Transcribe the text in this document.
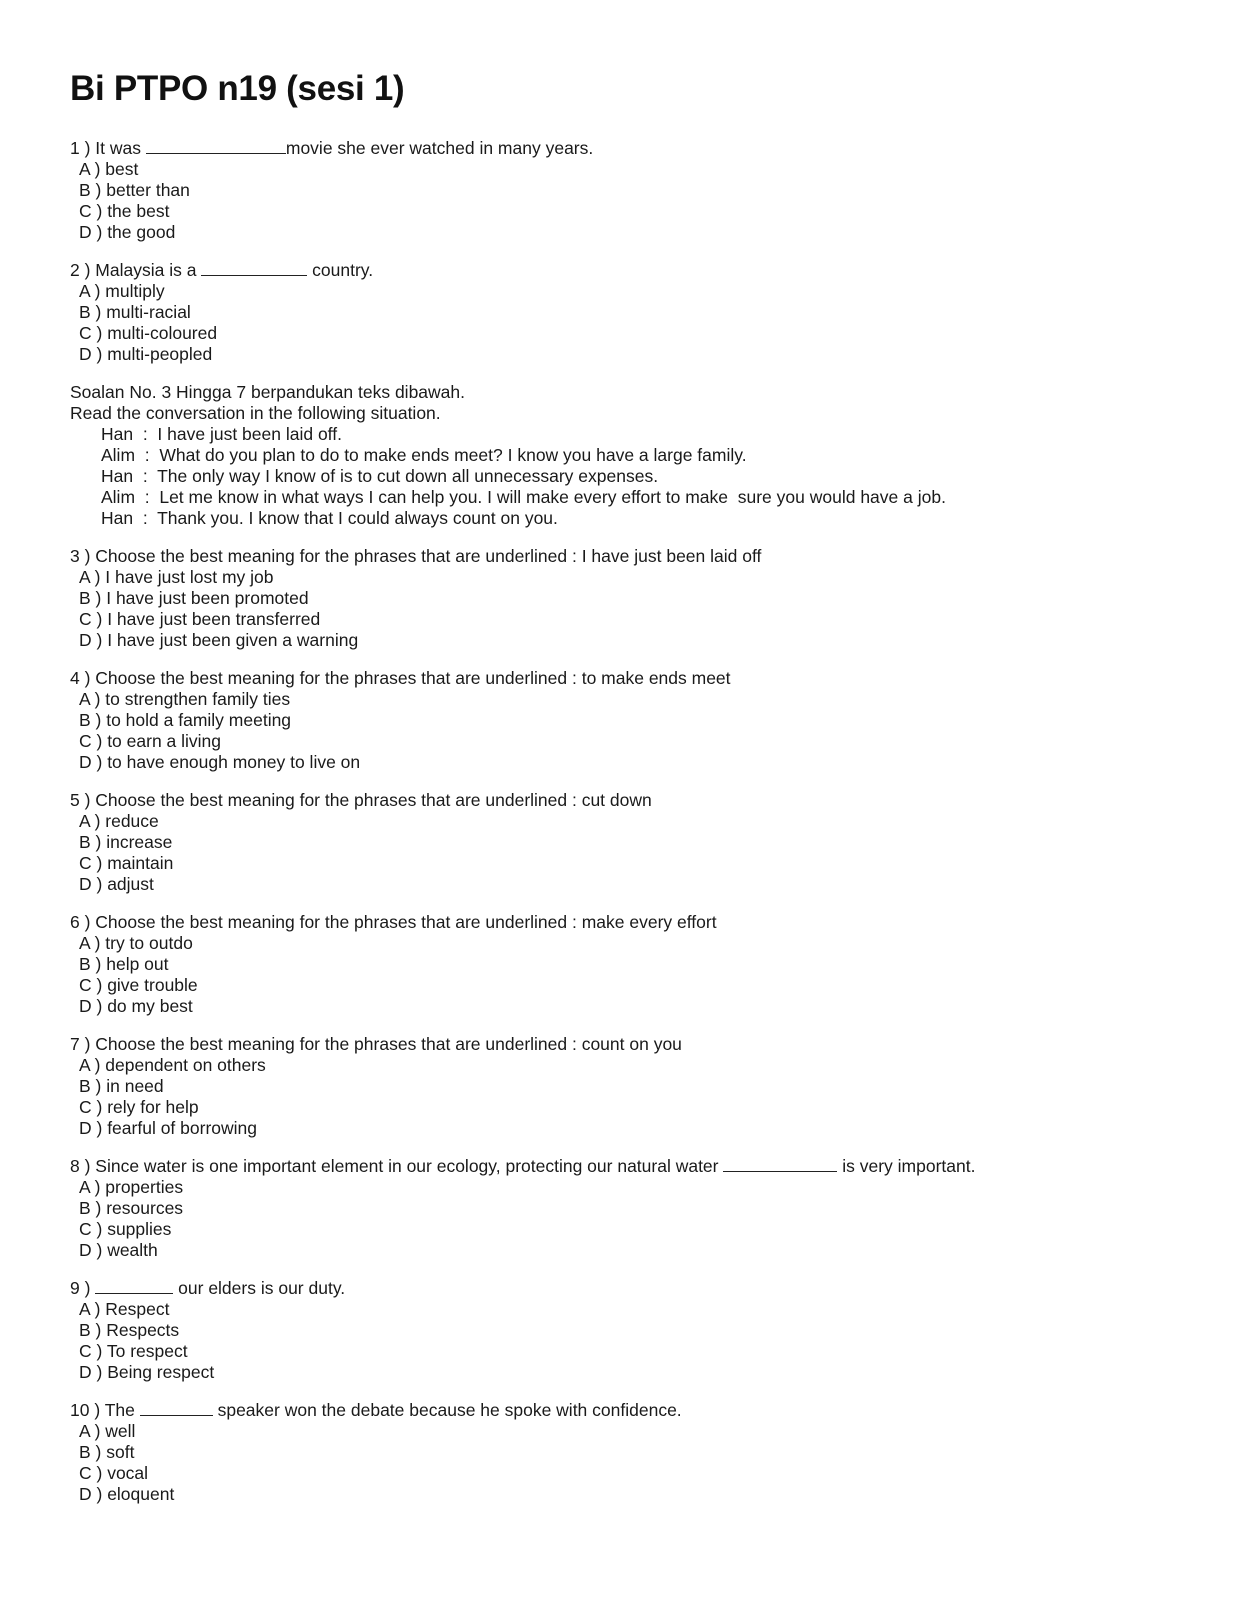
Bi PTPO n19 (sesi 1)
1 ) It was	movie she ever watched in many years.
A ) best
B ) better than
C ) the best
D ) the good
2 ) Malaysia is a	country.
A ) multiply
B ) multi-racial
C ) multi-coloured
D ) multi-peopled
Soalan No. 3 Hingga 7 berpandukan teks dibawah.
Read the conversation in the following situation.
Han  :  I have just been laid off.
Alim  :  What do you plan to do to make ends meet? I know you have a large family.
Han  :  The only way I know of is to cut down all unnecessary expenses.
Alim  :  Let me know in what ways I can help you. I will make every effort to make  sure you would have a job.
Han  :  Thank you. I know that I could always count on you.
3 ) Choose the best meaning for the phrases that are underlined : I have just been laid off
A ) I have just lost my job
B ) I have just been promoted
C ) I have just been transferred
D ) I have just been given a warning
4 ) Choose the best meaning for the phrases that are underlined : to make ends meet
A ) to strengthen family ties
B ) to hold a family meeting
C ) to earn a living
D ) to have enough money to live on
5 ) Choose the best meaning for the phrases that are underlined : cut down
A ) reduce
B ) increase
C ) maintain
D ) adjust
6 ) Choose the best meaning for the phrases that are underlined : make every effort
A ) try to outdo
B ) help out
C ) give trouble
D ) do my best
7 ) Choose the best meaning for the phrases that are underlined : count on you
A ) dependent on others
B ) in need
C ) rely for help
D ) fearful of borrowing
8 ) Since water is one important element in our ecology, protecting our natural water	is very important.
A ) properties
B ) resources
C ) supplies
D ) wealth
9 )	our elders is our duty.
A ) Respect
B ) Respects
C ) To respect
D ) Being respect
10 ) The	speaker won the debate because he spoke with confidence.
A ) well
B ) soft
C ) vocal
D ) eloquent
